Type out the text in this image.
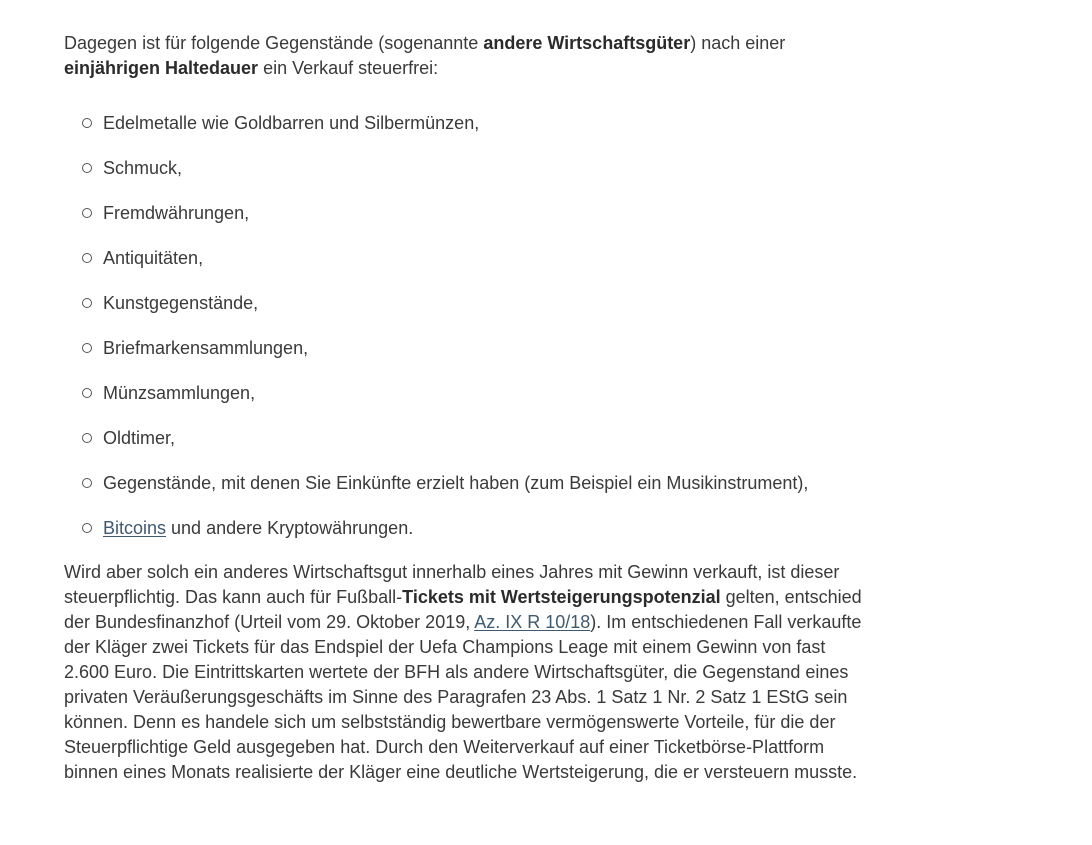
Dagegen ist für folgende Gegenstände (sogenannte andere Wirtschaftsgüter) nach einer einjährigen Haltedauer ein Verkauf steuerfrei:

Edelmetalle wie Goldbarren und Silbermünzen,
Schmuck,
Fremdwährungen,
Antiquitäten,
Kunstgegenstände,
Briefmarkensammlungen,
Münzsammlungen,
Oldtimer,
Gegenstände, mit denen Sie Einkünfte erzielt haben (zum Beispiel ein Musikinstrument),
Bitcoins und andere Kryptowährungen.

Wird aber solch ein anderes Wirtschaftsgut innerhalb eines Jahres mit Gewinn verkauft, ist dieser steuerpflichtig. Das kann auch für Fußball-Tickets mit Wertsteigerungspotenzial gelten, entschied der Bundesfinanzhof (Urteil vom 29. Oktober 2019, Az. IX R 10/18). Im entschiedenen Fall verkaufte der Kläger zwei Tickets für das Endspiel der Uefa Champions Leage mit einem Gewinn von fast 2.600 Euro. Die Eintrittskarten wertete der BFH als andere Wirtschaftsgüter, die Gegenstand eines privaten Veräußerungsgeschäfts im Sinne des Paragrafen 23 Abs. 1 Satz 1 Nr. 2 Satz 1 EStG sein können. Denn es handele sich um selbstständig bewertbare vermögenswerte Vorteile, für die der Steuerpflichtige Geld ausgegeben hat. Durch den Weiterverkauf auf einer Ticketbörse-Plattform binnen eines Monats realisierte der Kläger eine deutliche Wertsteigerung, die er versteuern musste.
